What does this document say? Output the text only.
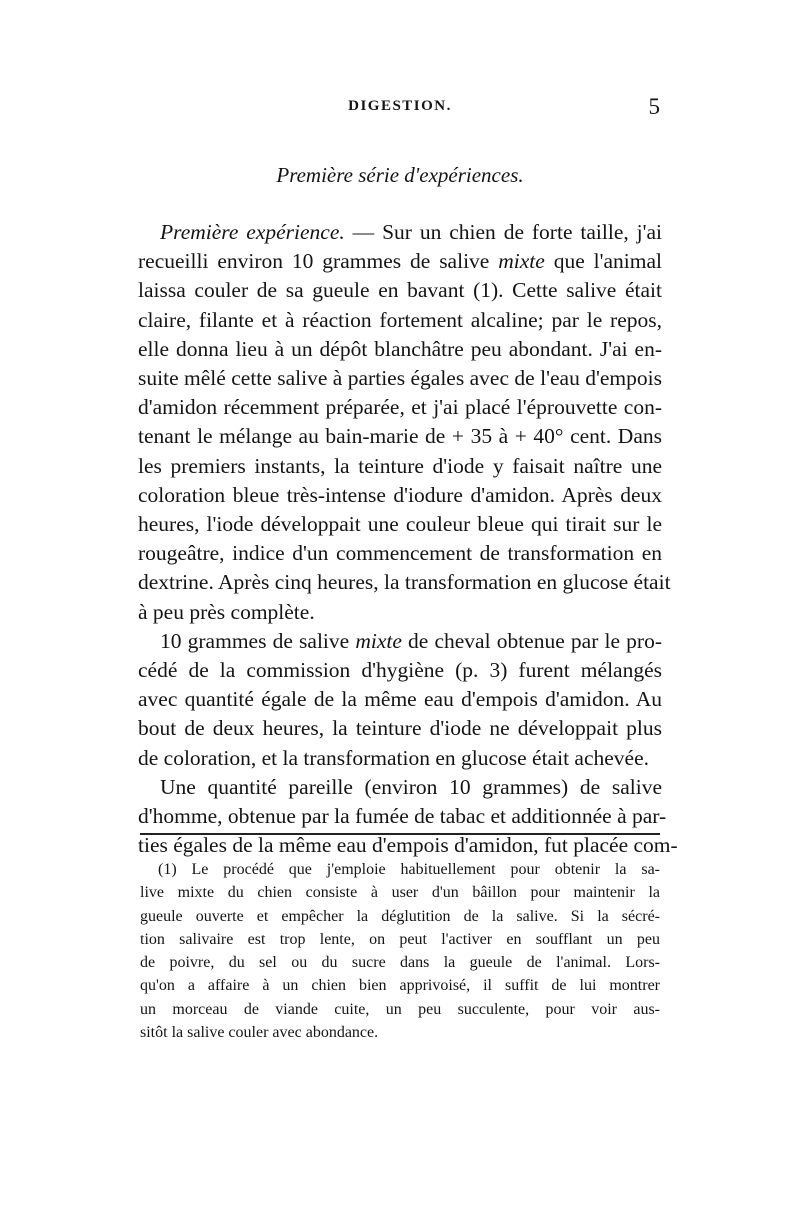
DIGESTION.	5
Première série d'expériences.
Première expérience. — Sur un chien de forte taille, j'ai
recueilli environ 10 grammes de salive mixte que l'animal
laissa couler de sa gueule en bavant (1). Cette salive était
claire, filante et à réaction fortement alcaline; par le repos,
elle donna lieu à un dépôt blanchâtre peu abondant. J'ai en-
suite mêlé cette salive à parties égales avec de l'eau d'empois
d'amidon récemment préparée, et j'ai placé l'éprouvette con-
tenant le mélange au bain-marie de + 35 à + 40° cent. Dans
les premiers instants, la teinture d'iode y faisait naître une
coloration bleue très-intense d'iodure d'amidon. Après deux
heures, l'iode développait une couleur bleue qui tirait sur le
rougeâtre, indice d'un commencement de transformation en
dextrine. Après cinq heures, la transformation en glucose était
à peu près complète.
10 grammes de salive mixte de cheval obtenue par le pro-
cédé de la commission d'hygiène (p. 3) furent mélangés
avec quantité égale de la même eau d'empois d'amidon. Au
bout de deux heures, la teinture d'iode ne développait plus
de coloration, et la transformation en glucose était achevée.
Une quantité pareille (environ 10 grammes) de salive
d'homme, obtenue par la fumée de tabac et additionnée à par-
ties égales de la même eau d'empois d'amidon, fut placée com-
(1) Le procédé que j'emploie habituellement pour obtenir la sa-
live mixte du chien consiste à user d'un bâillon pour maintenir la
gueule ouverte et empêcher la déglutition de la salive. Si la sécré-
tion salivaire est trop lente, on peut l'activer en soufflant un peu
de poivre, du sel ou du sucre dans la gueule de l'animal. Lors-
qu'on a affaire à un chien bien apprivoisé, il suffit de lui montrer
un morceau de viande cuite, un peu succulente, pour voir aus-
sitôt la salive couler avec abondance.
